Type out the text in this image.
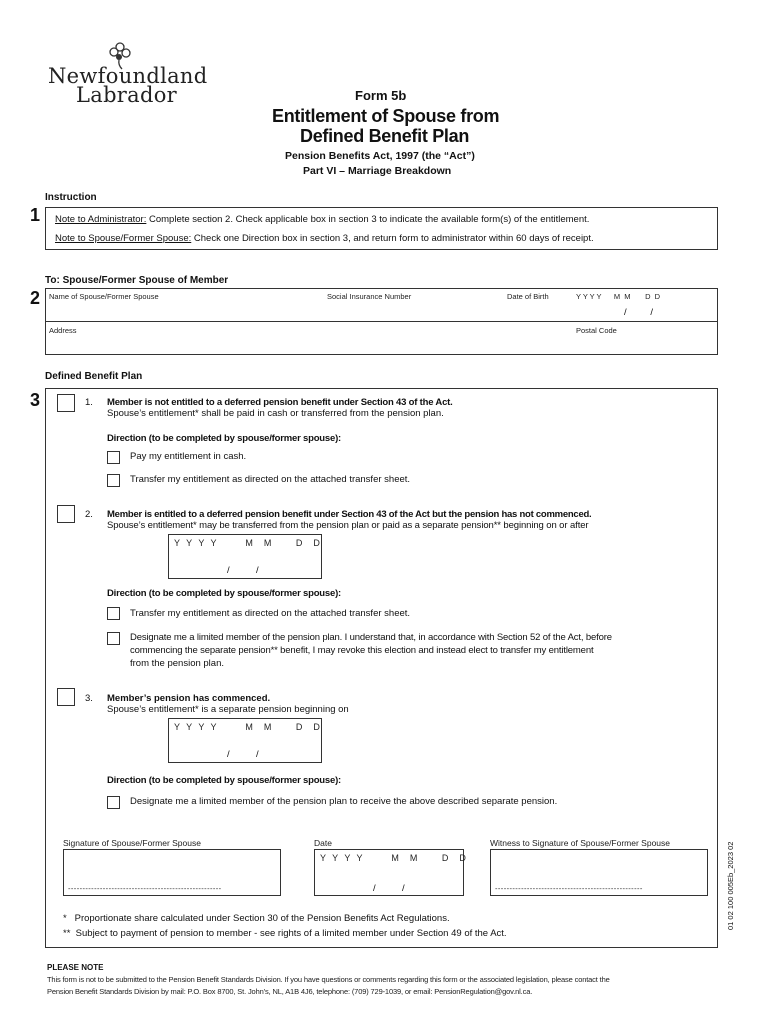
Newfoundland
Labrador	Form 5b
Entitlement of Spouse from
Defined Benefit Plan
Pension Benefits Act, 1997 (the “Act”)
Part VI – Marriage Breakdown
Instruction
1 Note to Administrator: Complete section 2. Check applicable box in section 3 to indicate the available form(s) of the entitlement.
Note to Spouse/Former Spouse: Check one Direction box in section 3, and return form to administrator within 60 days of receipt.
To: Spouse/Former Spouse of Member
2 Name of Spouse/Former Spouse	Social Insurance Number	Date of Birth	Y Y Y Y      M  M       D  D
/         /
Address	Postal Code
Defined Benefit Plan
3	1. Member is not entitled to a deferred pension benefit under Section 43 of the Act.
Spouse’s entitlement* shall be paid in cash or transferred from the pension plan.
Direction (to be completed by spouse/former spouse):
Pay my entitlement in cash.
Transfer my entitlement as directed on the attached transfer sheet.
2. Member is entitled to a deferred pension benefit under Section 43 of the Act but the pension has not commenced.
Spouse’s entitlement* may be transferred from the pension plan or paid as a separate pension** beginning on or after
Y Y Y Y      M  M     D  D
/          /
Direction (to be completed by spouse/former spouse):
Transfer my entitlement as directed on the attached transfer sheet.
Designate me a limited member of the pension plan. I understand that, in accordance with Section 52 of the Act, before
commencing the separate pension** benefit, I may revoke this election and instead elect to transfer my entitlement
from the pension plan.
3. Member’s pension has commenced.
Spouse’s entitlement* is a separate pension beginning on
Y Y Y Y      M  M     D  D
/          /
Direction (to be completed by spouse/former spouse):
Designate me a limited member of the pension plan to receive the above described separate pension.
Signature of Spouse/Former Spouse
-----------------------------------------------------
Date
Y Y Y Y      M  M     D  D
/          /
Witness to Signature of Spouse/Former Spouse
---------------------------------------------------
*   Proportionate share calculated under Section 30 of the Pension Benefits Act Regulations.
**  Subject to payment of pension to member - see rights of a limited member under Section 49 of the Act.
01 02 100 005Eb_2023 02
PLEASE NOTE
This form is not to be submitted to the Pension Benefit Standards Division. If you have questions or comments regarding this form or the associated legislation, please contact the
Pension Benefit Standards Division by mail: P.O. Box 8700, St. John’s, NL, A1B 4J6, telephone: (709) 729-1039, or email: PensionRegulation@gov.nl.ca.
